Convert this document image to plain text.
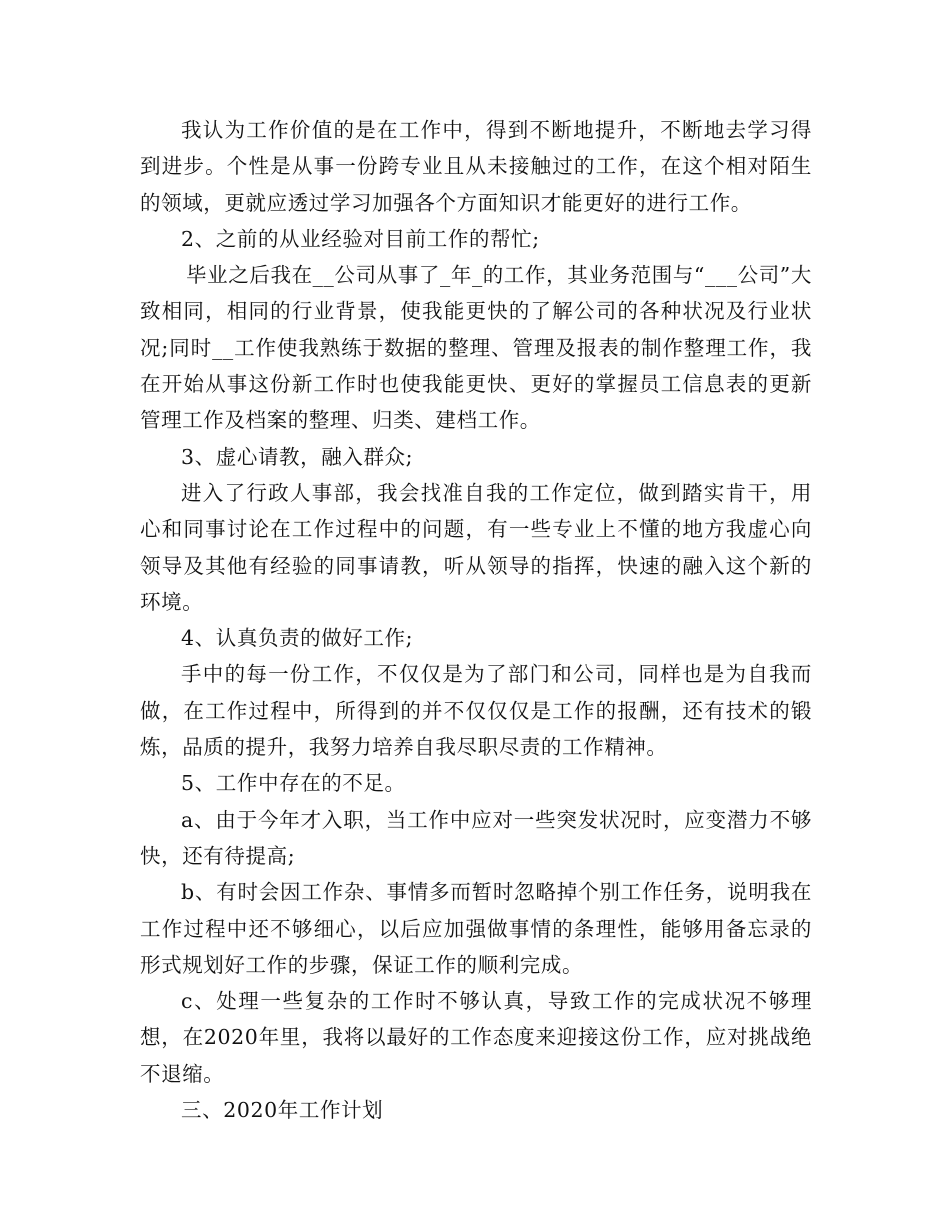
我认为工作价值的是在工作中，得到不断地提升，不断地去学习得到进步。个性是从事一份跨专业且从未接触过的工作，在这个相对陌生的领域，更就应透过学习加强各个方面知识才能更好的进行工作。

2、之前的从业经验对目前工作的帮忙;

毕业之后我在__公司从事了_年_的工作，其业务范围与“___公司”大致相同，相同的行业背景，使我能更快的了解公司的各种状况及行业状况;同时__工作使我熟练于数据的整理、管理及报表的制作整理工作，我在开始从事这份新工作时也使我能更快、更好的掌握员工信息表的更新管理工作及档案的整理、归类、建档工作。

3、虚心请教，融入群众;

进入了行政人事部，我会找准自我的工作定位，做到踏实肯干，用心和同事讨论在工作过程中的问题，有一些专业上不懂的地方我虚心向领导及其他有经验的同事请教，听从领导的指挥，快速的融入这个新的环境。

4、认真负责的做好工作;

手中的每一份工作，不仅仅是为了部门和公司，同样也是为自我而做，在工作过程中，所得到的并不仅仅仅是工作的报酬，还有技术的锻炼，品质的提升，我努力培养自我尽职尽责的工作精神。

5、工作中存在的不足。

a、由于今年才入职，当工作中应对一些突发状况时，应变潜力不够快，还有待提高;

b、有时会因工作杂、事情多而暂时忽略掉个别工作任务，说明我在工作过程中还不够细心，以后应加强做事情的条理性，能够用备忘录的形式规划好工作的步骤，保证工作的顺利完成。

c、处理一些复杂的工作时不够认真，导致工作的完成状况不够理想，在2020年里，我将以最好的工作态度来迎接这份工作，应对挑战绝不退缩。

三、2020年工作计划
